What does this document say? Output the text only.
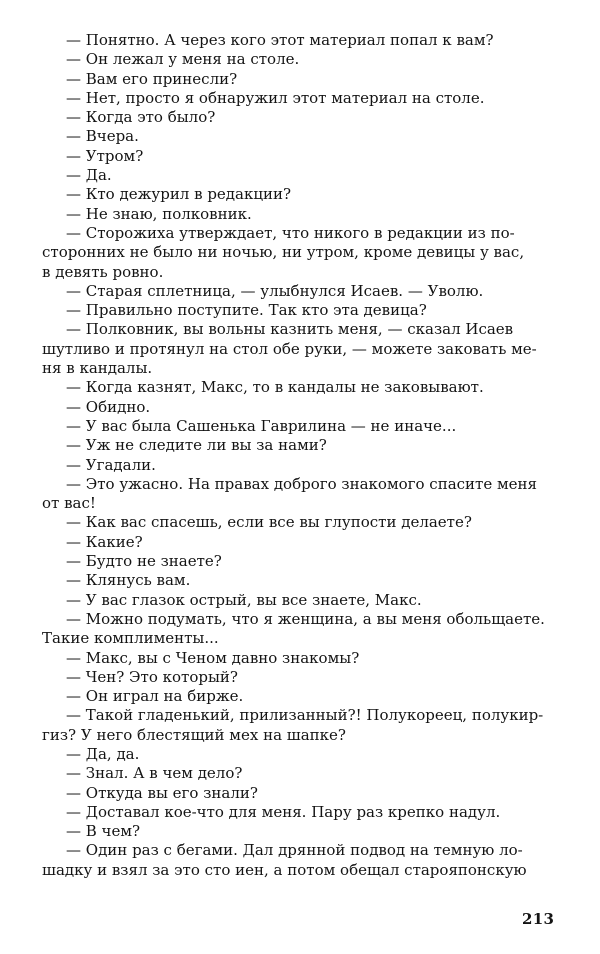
— Понятно. А через кого этот материал попал к вам?
— Он лежал у меня на столе.
— Вам его принесли?
— Нет, просто я обнаружил этот материал на столе.
— Когда это было?
— Вчера.
— Утром?
— Да.
— Кто дежурил в редакции?
— Не знаю, полковник.
— Сторожиха утверждает, что никого в редакции из по-
сторонних не было ни ночью, ни утром, кроме девицы у вас,
в девять ровно.
— Старая сплетница, — улыбнулся Исаев. — Уволю.
— Правильно поступите. Так кто эта девица?
— Полковник, вы вольны казнить меня, — сказал Исаев
шутливо и протянул на стол обе руки, — можете заковать ме-
ня в кандалы.
— Когда казнят, Макс, то в кандалы не заковывают.
— Обидно.
— У вас была Сашенька Гаврилина — не иначе...
— Уж не следите ли вы за нами?
— Угадали.
— Это ужасно. На правах доброго знакомого спасите меня
от вас!
— Как вас спасешь, если все вы глупости делаете?
— Какие?
— Будто не знаете?
— Клянусь вам.
— У вас глазок острый, вы все знаете, Макс.
— Можно подумать, что я женщина, а вы меня обольщаете.
Такие комплименты...
— Макс, вы с Ченом давно знакомы?
— Чен? Это который?
— Он играл на бирже.
— Такой гладенький, прилизанный?! Полукореец, полукир-
гиз? У него блестящий мех на шапке?
— Да, да.
— Знал. А в чем дело?
— Откуда вы его знали?
— Доставал кое-что для меня. Пару раз крепко надул.
— В чем?
— Один раз с бегами. Дал дрянной подвод на темную ло-
шадку и взял за это сто иен, а потом обещал старояпонскую
213
